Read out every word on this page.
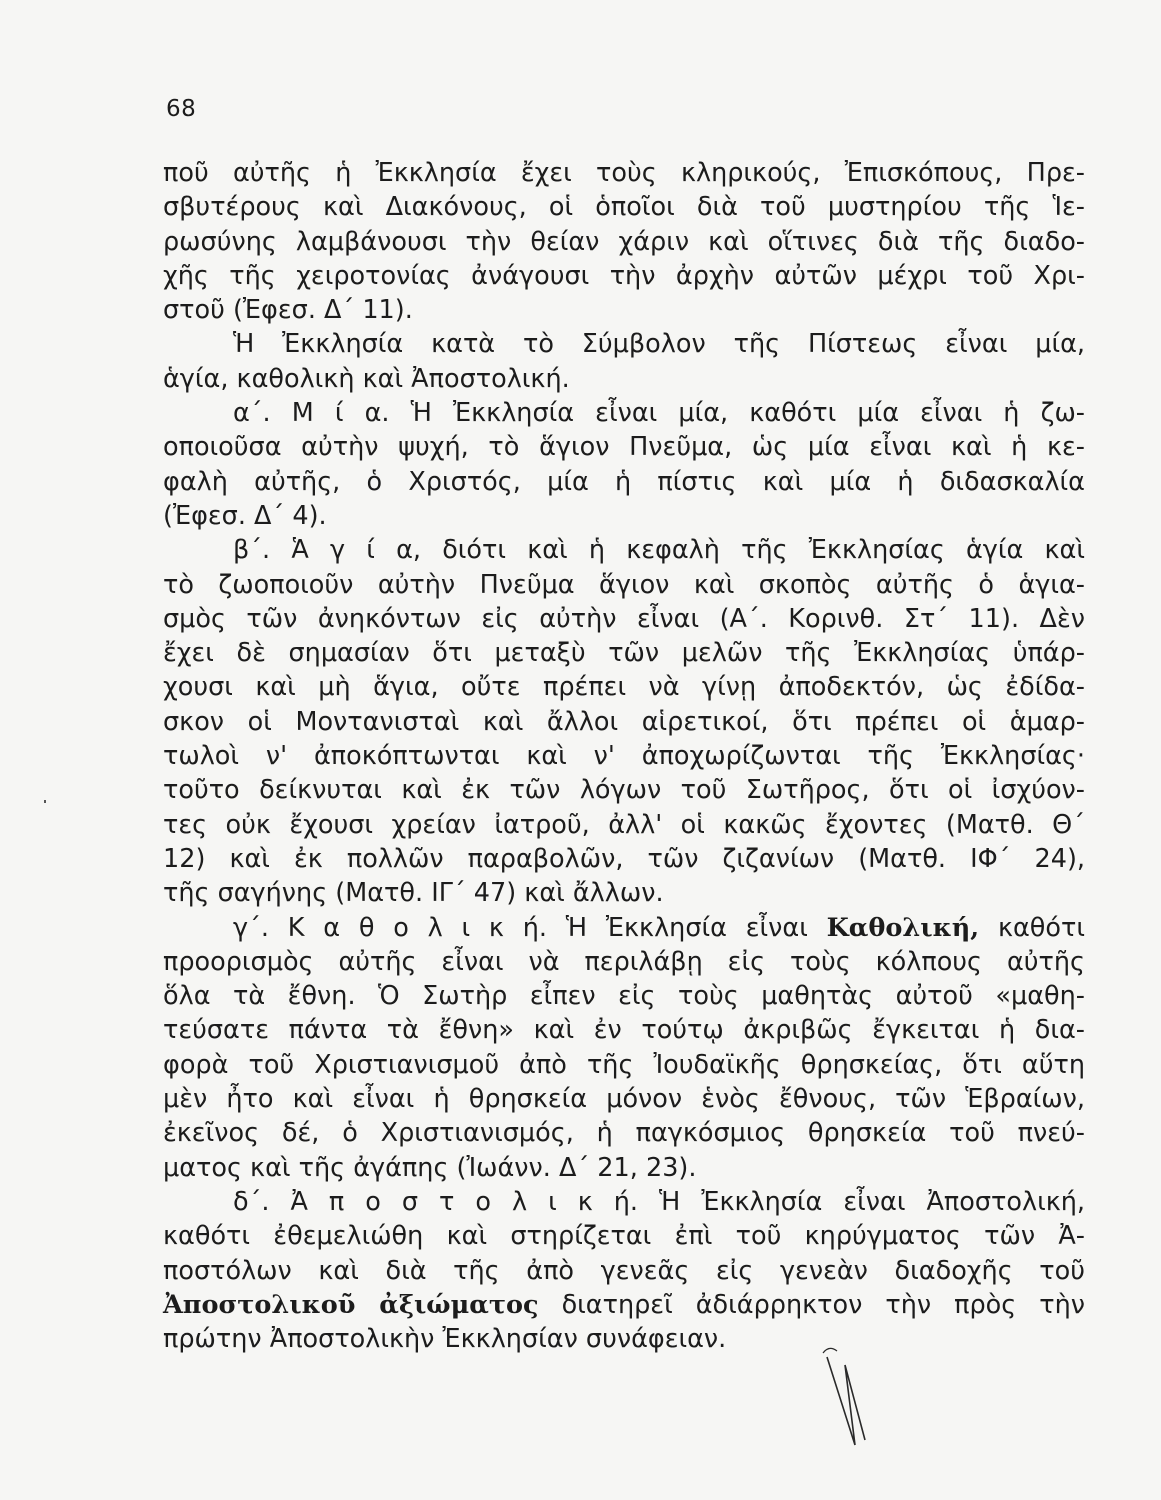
68
ποῦ αὐτῆς ἡ Ἐκκλησία ἔχει τοὺς κληρικούς, Ἐπισκόπους, Πρε-
σβυτέρους καὶ Διακόνους, οἱ ὁποῖοι διὰ τοῦ μυστηρίου τῆς Ἱε-
ρωσύνης λαμβάνουσι τὴν θείαν χάριν καὶ οἵτινες διὰ τῆς διαδο-
χῆς τῆς χειροτονίας ἀνάγουσι τὴν ἀρχὴν αὐτῶν μέχρι τοῦ Χρι-
στοῦ (Ἐφεσ. Δ΄ 11).
Ἡ Ἐκκλησία κατὰ τὸ Σύμβολον τῆς Πίστεως εἶναι μία,
ἁγία, καθολικὴ καὶ Ἀποστολική.
α΄. Μ ί α. Ἡ Ἐκκλησία εἶναι μία, καθότι μία εἶναι ἡ ζω-
οποιοῦσα αὐτὴν ψυχή, τὸ ἅγιον Πνεῦμα, ὡς μία εἶναι καὶ ἡ κε-
φαλὴ αὐτῆς, ὁ Χριστός, μία ἡ πίστις καὶ μία ἡ διδασκαλία
(Ἐφεσ. Δ΄ 4).
β΄. Ἁ γ ί α, διότι καὶ ἡ κεφαλὴ τῆς Ἐκκλησίας ἁγία καὶ
τὸ ζωοποιοῦν αὐτὴν Πνεῦμα ἅγιον καὶ σκοπὸς αὐτῆς ὁ ἁγια-
σμὸς τῶν ἀνηκόντων εἰς αὐτὴν εἶναι (Α΄. Κορινθ. Στ΄ 11). Δὲν
ἔχει δὲ σημασίαν ὅτι μεταξὺ τῶν μελῶν τῆς Ἐκκλησίας ὑπάρ-
χουσι καὶ μὴ ἅγια, οὔτε πρέπει νὰ γίνῃ ἀποδεκτόν, ὡς ἐδίδα-
σκον οἱ Μοντανισταὶ καὶ ἄλλοι αἱρετικοί, ὅτι πρέπει οἱ ἁμαρ-
τωλοὶ ν' ἀποκόπτωνται καὶ ν' ἀποχωρίζωνται τῆς Ἐκκλησίας·
τοῦτο δείκνυται καὶ ἐκ τῶν λόγων τοῦ Σωτῆρος, ὅτι οἱ ἰσχύον-
τες οὐκ ἔχουσι χρείαν ἰατροῦ, ἀλλ' οἱ κακῶς ἔχοντες (Ματθ. Θ΄
12) καὶ ἐκ πολλῶν παραβολῶν, τῶν ζιζανίων (Ματθ. ΙΦ΄ 24),
τῆς σαγήνης (Ματθ. ΙΓ΄ 47) καὶ ἄλλων.
γ΄. Κ α θ ο λ ι κ ή. Ἡ Ἐκκλησία εἶναι Καθολική, καθότι
προορισμὸς αὐτῆς εἶναι νὰ περιλάβῃ εἰς τοὺς κόλπους αὐτῆς
ὅλα τὰ ἔθνη. Ὁ Σωτὴρ εἶπεν εἰς τοὺς μαθητὰς αὐτοῦ «μαθη-
τεύσατε πάντα τὰ ἔθνη» καὶ ἐν τούτῳ ἀκριβῶς ἔγκειται ἡ δια-
φορὰ τοῦ Χριστιανισμοῦ ἀπὸ τῆς Ἰουδαϊκῆς θρησκείας, ὅτι αὕτη
μὲν ἦτο καὶ εἶναι ἡ θρησκεία μόνον ἑνὸς ἔθνους, τῶν Ἑβραίων,
ἐκεῖνος δέ, ὁ Χριστιανισμός, ἡ παγκόσμιος θρησκεία τοῦ πνεύ-
ματος καὶ τῆς ἀγάπης (Ἰωάνν. Δ΄ 21, 23).
δ΄. Ἀ π ο σ τ ο λ ι κ ή. Ἡ Ἐκκλησία εἶναι Ἀποστολική,
καθότι ἐθεμελιώθη καὶ στηρίζεται ἐπὶ τοῦ κηρύγματος τῶν Ἀ-
ποστόλων καὶ διὰ τῆς ἀπὸ γενεᾶς εἰς γενεὰν διαδοχῆς τοῦ
Ἀποστολικοῦ ἀξιώματος διατηρεῖ ἀδιάρρηκτον τὴν πρὸς τὴν
πρώτην Ἀποστολικὴν Ἐκκλησίαν συνάφειαν.
